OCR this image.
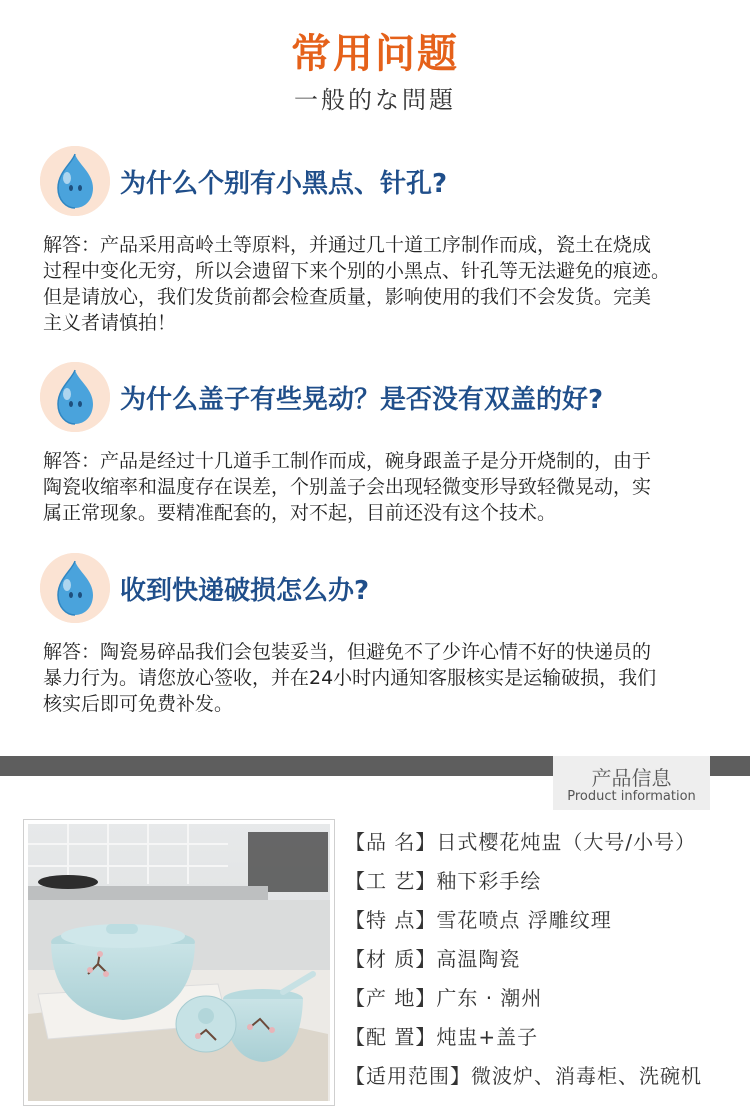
常用问题
一般的な問題
为什么个别有小黑点、针孔?
解答：产品采用高岭土等原料，并通过几十道工序制作而成，瓷土在烧成
过程中变化无穷，所以会遗留下来个别的小黑点、针孔等无法避免的痕迹。
但是请放心，我们发货前都会检查质量，影响使用的我们不会发货。完美
主义者请慎拍！
为什么盖子有些晃动？是否没有双盖的好?
解答：产品是经过十几道手工制作而成，碗身跟盖子是分开烧制的，由于
陶瓷收缩率和温度存在误差，个别盖子会出现轻微变形导致轻微晃动，实
属正常现象。要精准配套的，对不起，目前还没有这个技术。
收到快递破损怎么办?
解答：陶瓷易碎品我们会包装妥当，但避免不了少许心情不好的快递员的
暴力行为。请您放心签收，并在24小时内通知客服核实是运输破损，我们
核实后即可免费补发。
产品信息
Product information
【品 名】日式樱花炖盅（大号/小号）
【工 艺】釉下彩手绘
【特 点】雪花喷点 浮雕纹理
【材 质】高温陶瓷
【产 地】广东 · 潮州
【配 置】炖盅+盖子
【适用范围】微波炉、消毒柜、洗碗机
